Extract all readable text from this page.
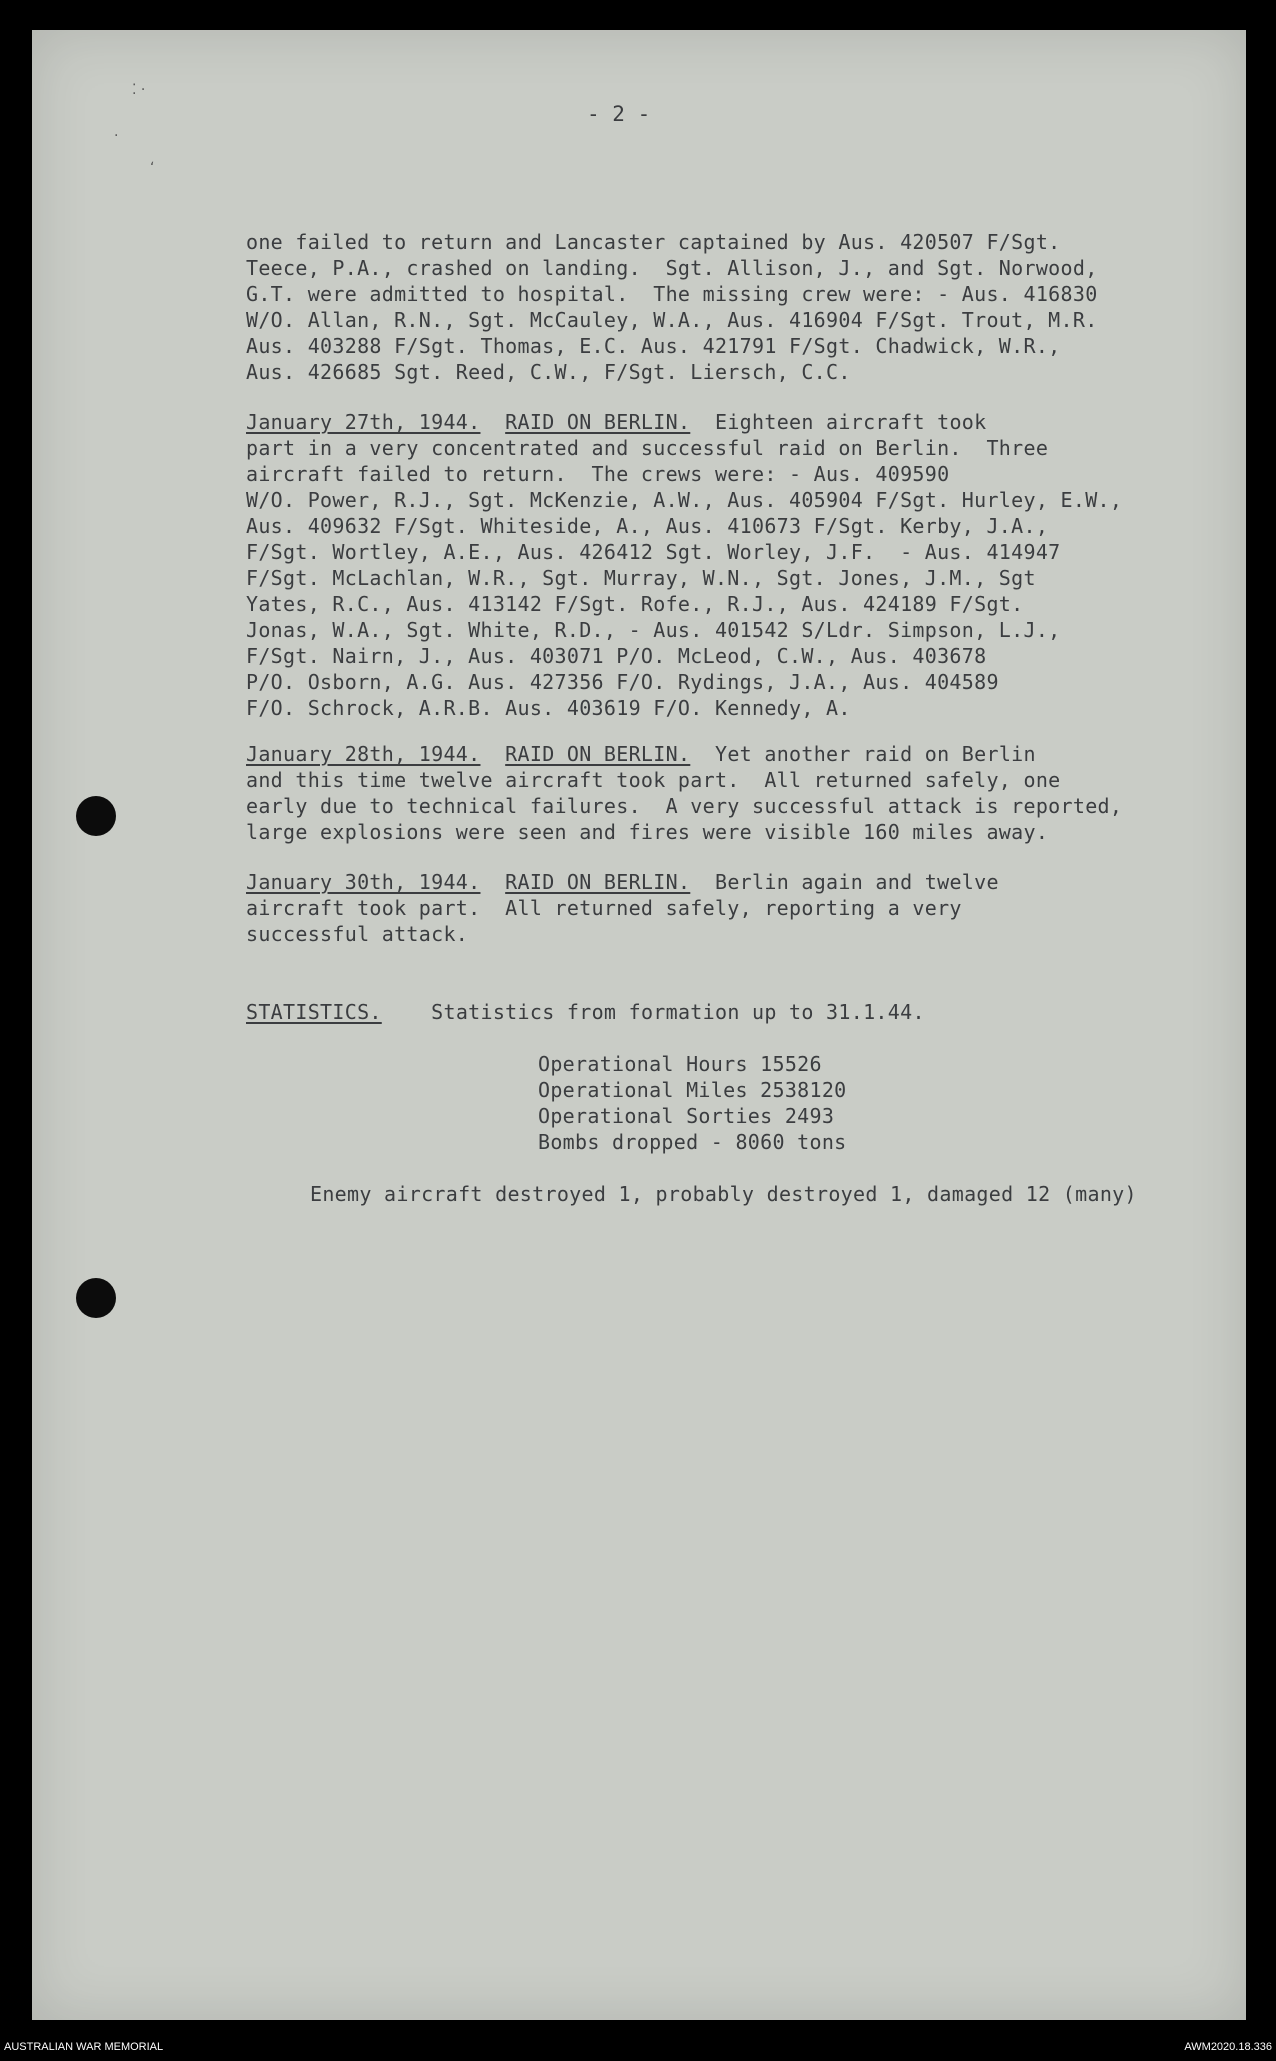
- 2 -
⁚ ·
·
ʻ
one failed to return and Lancaster captained by Aus. 420507 F/Sgt.
Teece, P.A., crashed on landing.  Sgt. Allison, J., and Sgt. Norwood,
G.T. were admitted to hospital.  The missing crew were: - Aus. 416830
W/O. Allan, R.N., Sgt. McCauley, W.A., Aus. 416904 F/Sgt. Trout, M.R.
Aus. 403288 F/Sgt. Thomas, E.C. Aus. 421791 F/Sgt. Chadwick, W.R.,
Aus. 426685 Sgt. Reed, C.W., F/Sgt. Liersch, C.C.
January 27th, 1944. RAID ON BERLIN. Eighteen aircraft took
part in a very concentrated and successful raid on Berlin.  Three
aircraft failed to return.  The crews were: - Aus. 409590
W/O. Power, R.J., Sgt. McKenzie, A.W., Aus. 405904 F/Sgt. Hurley, E.W.,
Aus. 409632 F/Sgt. Whiteside, A., Aus. 410673 F/Sgt. Kerby, J.A.,
F/Sgt. Wortley, A.E., Aus. 426412 Sgt. Worley, J.F.  - Aus. 414947
F/Sgt. McLachlan, W.R., Sgt. Murray, W.N., Sgt. Jones, J.M., Sgt
Yates, R.C., Aus. 413142 F/Sgt. Rofe., R.J., Aus. 424189 F/Sgt.
Jonas, W.A., Sgt. White, R.D., - Aus. 401542 S/Ldr. Simpson, L.J.,
F/Sgt. Nairn, J., Aus. 403071 P/O. McLeod, C.W., Aus. 403678
P/O. Osborn, A.G. Aus. 427356 F/O. Rydings, J.A., Aus. 404589
F/O. Schrock, A.R.B. Aus. 403619 F/O. Kennedy, A.
January 28th, 1944. RAID ON BERLIN. Yet another raid on Berlin
and this time twelve aircraft took part.  All returned safely, one
early due to technical failures.  A very successful attack is reported,
large explosions were seen and fires were visible 160 miles away.
January 30th, 1944. RAID ON BERLIN. Berlin again and twelve
aircraft took part.  All returned safely, reporting a very
successful attack.
STATISTICS. Statistics from formation up to 31.1.44.
Operational Hours 15526
Operational Miles 2538120
Operational Sorties 2493
Bombs dropped - 8060 tons
Enemy aircraft destroyed 1, probably destroyed 1, damaged 12 (many)
AUSTRALIAN WAR MEMORIAL	AWM2020.18.336
